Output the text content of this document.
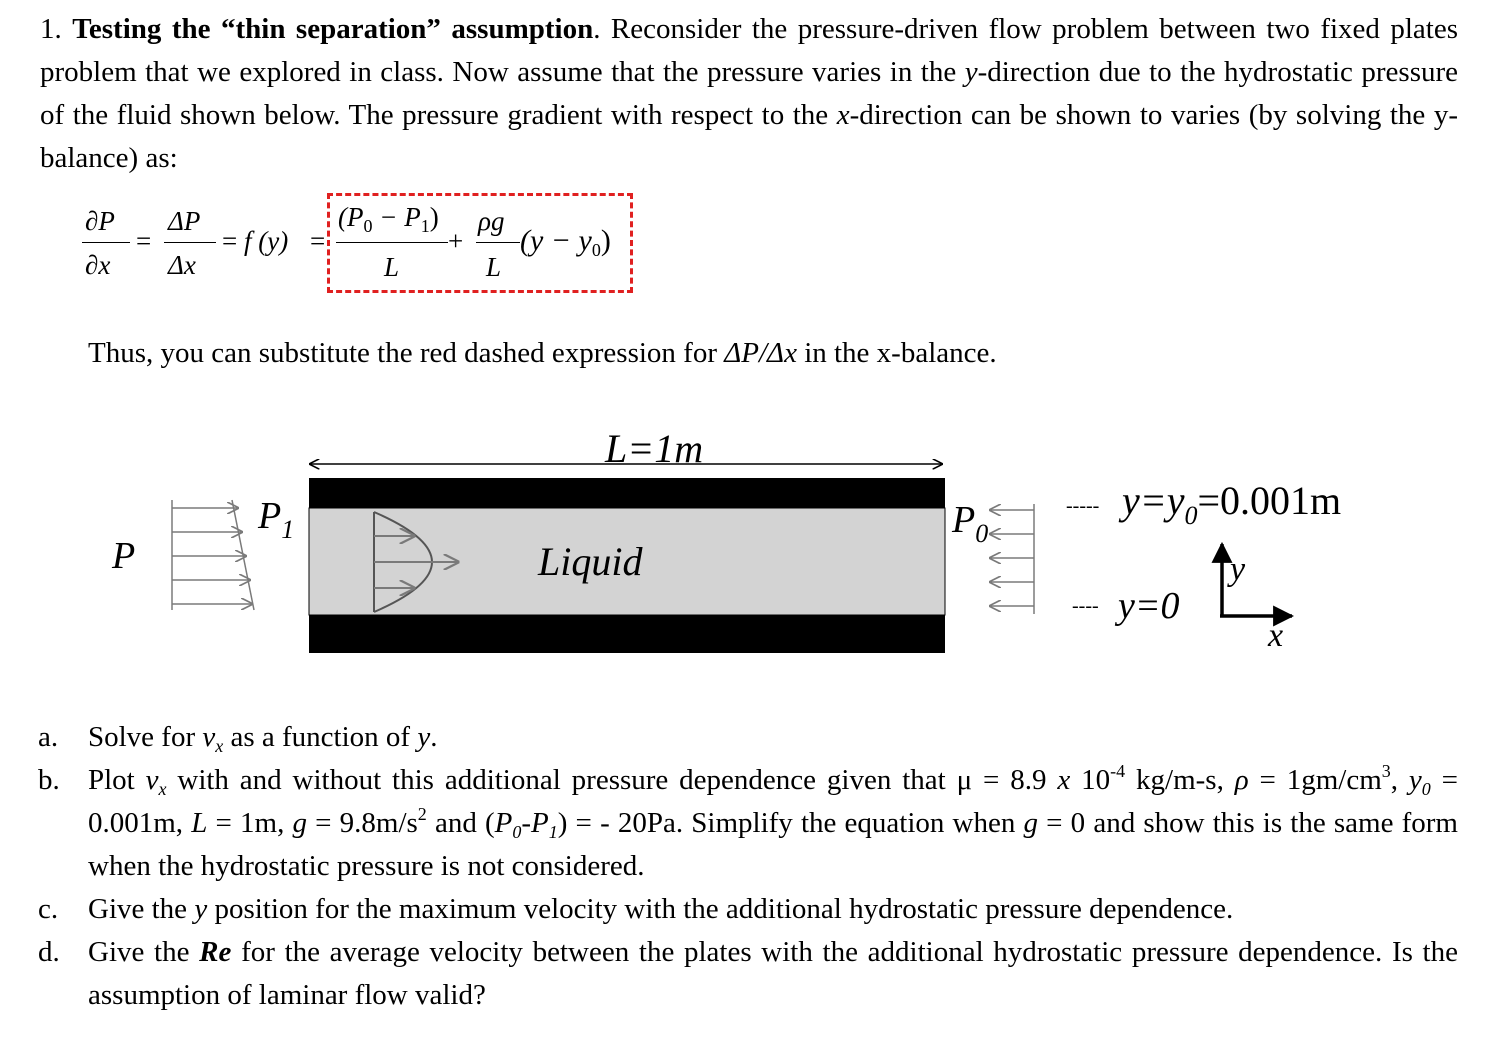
1. Testing the “thin separation” assumption. Reconsider the pressure-driven flow problem between two fixed plates problem that we explored in class. Now assume that the pressure varies in the y-direction due to the hydrostatic pressure of the fluid shown below. The pressure gradient with respect to the x-direction can be shown to varies (by solving the y-balance) as:
∂P
∂x
=
ΔP
Δx
= f (y) =
$(P_0 - P_1)$
L
+
ρg
L
$(y - y_0)$
Thus, you can substitute the red dashed expression for ΔP/Δx in the x-balance.
L=1m
P
$P_1$
Liquid
$P_0$
----- $y=y_0=0.001m$
---- y=0
y
x
a. Solve for $v_x$ as a function of y.
b. Plot $v_x$ with and without this additional pressure dependence given that μ = 8.9 x $10^{-4}$ kg/m-s, $\rho = 1gm/cm^3$, $y_0 = 0.001m$, L = 1m, $g = 9.8m/s^2$ and $(P_0-P_1)$ = - 20Pa. Simplify the equation when g = 0 and show this is the same form when the hydrostatic pressure is not considered.
c. Give the y position for the maximum velocity with the additional hydrostatic pressure dependence.
d. Give the Re for the average velocity between the plates with the additional hydrostatic pressure dependence. Is the assumption of laminar flow valid?
